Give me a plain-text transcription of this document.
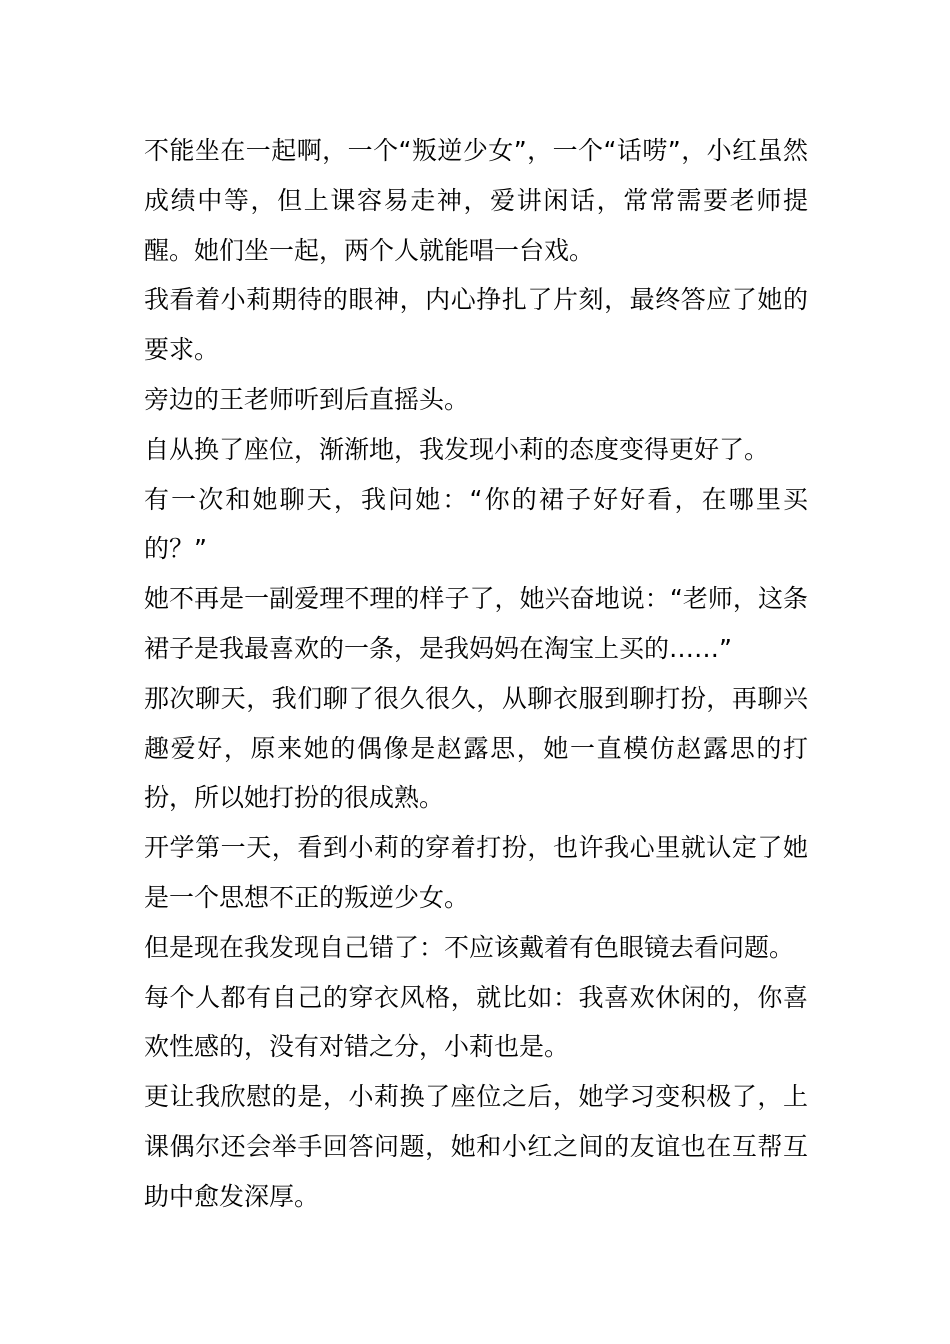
不能坐在一起啊，一个“叛逆少女”，一个“话唠”，小红虽然成绩中等，但上课容易走神，爱讲闲话，常常需要老师提醒。她们坐一起，两个人就能唱一台戏。

我看着小莉期待的眼神，内心挣扎了片刻，最终答应了她的要求。

旁边的王老师听到后直摇头。

自从换了座位，渐渐地，我发现小莉的态度变得更好了。

有一次和她聊天，我问她：“你的裙子好好看，在哪里买的？”

她不再是一副爱理不理的样子了，她兴奋地说：“老师，这条裙子是我最喜欢的一条，是我妈妈在淘宝上买的……”

那次聊天，我们聊了很久很久，从聊衣服到聊打扮，再聊兴趣爱好，原来她的偶像是赵露思，她一直模仿赵露思的打扮，所以她打扮的很成熟。

开学第一天，看到小莉的穿着打扮，也许我心里就认定了她是一个思想不正的叛逆少女。

但是现在我发现自己错了：不应该戴着有色眼镜去看问题。

每个人都有自己的穿衣风格，就比如：我喜欢休闲的，你喜欢性感的，没有对错之分，小莉也是。

更让我欣慰的是，小莉换了座位之后，她学习变积极了，上课偶尔还会举手回答问题，她和小红之间的友谊也在互帮互助中愈发深厚。
